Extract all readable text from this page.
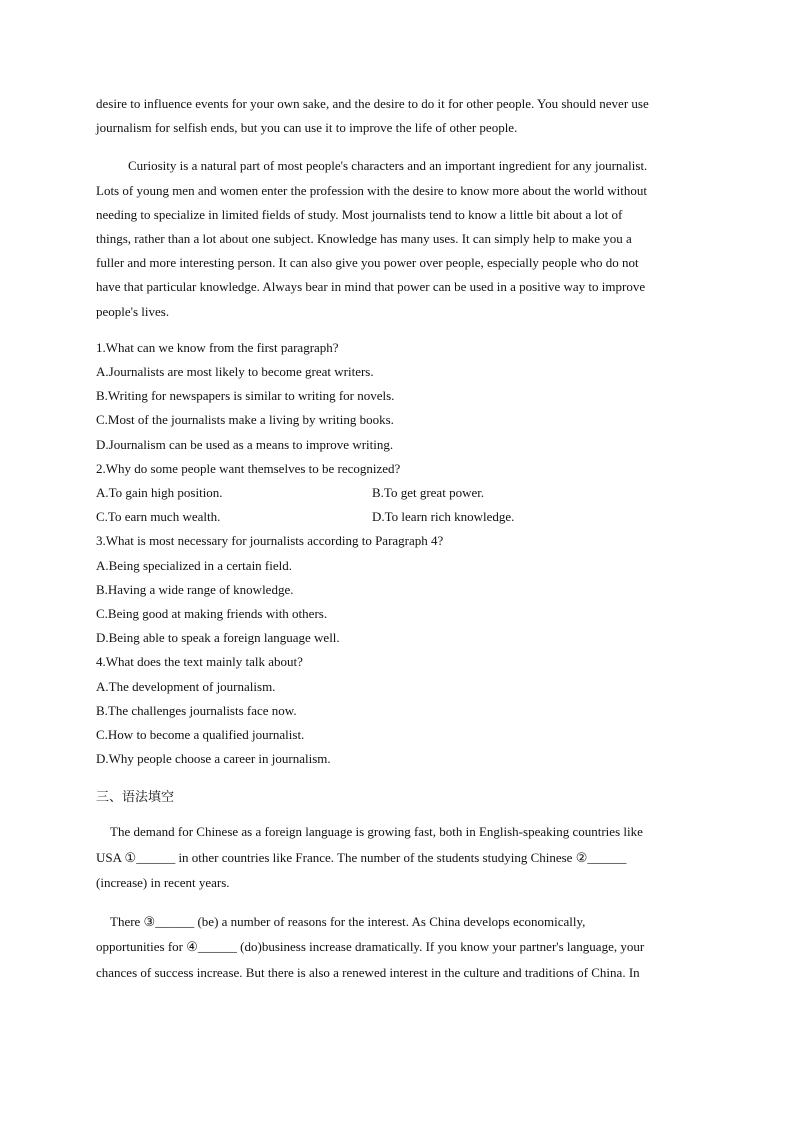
desire to influence events for your own sake, and the desire to do it for other people. You should never use
journalism for selfish ends, but you can use it to improve the life of other people.
Curiosity is a natural part of most people's characters and an important ingredient for any journalist.
Lots of young men and women enter the profession with the desire to know more about the world without
needing to specialize in limited fields of study. Most journalists tend to know a little bit about a lot of
things, rather than a lot about one subject. Knowledge has many uses. It can simply help to make you a
fuller and more interesting person. It can also give you power over people, especially people who do not
have that particular knowledge. Always bear in mind that power can be used in a positive way to improve
people's lives.
1.What can we know from the first paragraph?
A.Journalists are most likely to become great writers.
B.Writing for newspapers is similar to writing for novels.
C.Most of the journalists make a living by writing books.
D.Journalism can be used as a means to improve writing.
2.Why do some people want themselves to be recognized?
A.To gain high position.	B.To get great power.
C.To earn much wealth.	D.To learn rich knowledge.
3.What is most necessary for journalists according to Paragraph 4?
A.Being specialized in a certain field.
B.Having a wide range of knowledge.
C.Being good at making friends with others.
D.Being able to speak a foreign language well.
4.What does the text mainly talk about?
A.The development of journalism.
B.The challenges journalists face now.
C.How to become a qualified journalist.
D.Why people choose a career in journalism.
三、语法填空
The demand for Chinese as a foreign language is growing fast, both in English-speaking countries like
USA ①______ in other countries like France. The number of the students studying Chinese ②______
(increase) in recent years.
There ③______ (be) a number of reasons for the interest. As China develops economically,
opportunities for ④______ (do)business increase dramatically. If you know your partner's language, your
chances of success increase. But there is also a renewed interest in the culture and traditions of China. In
